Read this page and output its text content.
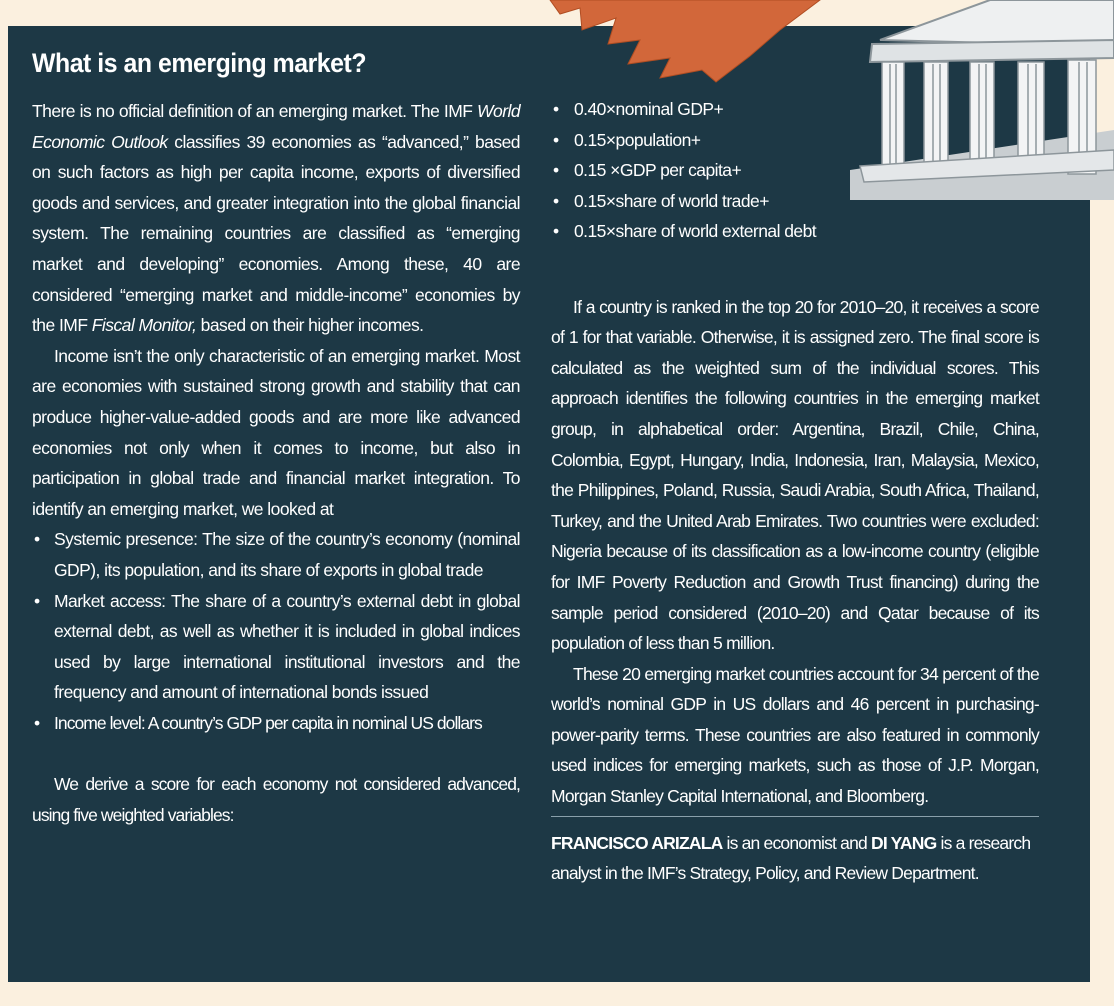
What is an emerging market?

There is no official definition of an emerging market. The IMF World Economic Outlook classifies 39 economies as “advanced,” based on such factors as high per capita income, exports of diversified goods and services, and greater integration into the global financial system. The remaining countries are classified as “emerging market and developing” economies. Among these, 40 are considered “emerging market and middle-income” economies by the IMF Fiscal Monitor, based on their higher incomes.

Income isn’t the only characteristic of an emerging market. Most are economies with sustained strong growth and stability that can produce higher-value-added goods and are more like advanced economies not only when it comes to income, but also in participation in global trade and financial market integration. To identify an emerging market, we looked at

• Systemic presence: The size of the country’s economy (nominal GDP), its population, and its share of exports in global trade
• Market access: The share of a country’s external debt in global external debt, as well as whether it is included in global indices used by large international institutional investors and the frequency and amount of international bonds issued
• Income level: A country’s GDP per capita in nominal US dollars

We derive a score for each economy not considered advanced, using five weighted variables:

• 0.40×nominal GDP+
• 0.15×population+
• 0.15 ×GDP per capita+
• 0.15×share of world trade+
• 0.15×share of world external debt

If a country is ranked in the top 20 for 2010–20, it receives a score of 1 for that variable. Otherwise, it is assigned zero. The final score is calculated as the weighted sum of the individual scores. This approach identifies the following countries in the emerging market group, in alphabetical order: Argentina, Brazil, Chile, China, Colombia, Egypt, Hungary, India, Indonesia, Iran, Malaysia, Mexico, the Philippines, Poland, Russia, Saudi Arabia, South Africa, Thailand, Turkey, and the United Arab Emirates. Two countries were excluded: Nigeria because of its classification as a low-income country (eligible for IMF Poverty Reduction and Growth Trust financing) during the sample period considered (2010–20) and Qatar because of its population of less than 5 million.

These 20 emerging market countries account for 34 percent of the world’s nominal GDP in US dollars and 46 percent in purchasing-power-parity terms. These countries are also featured in commonly used indices for emerging markets, such as those of J.P. Morgan, Morgan Stanley Capital International, and Bloomberg.

FRANCISCO ARIZALA is an economist and DI YANG is a research analyst in the IMF’s Strategy, Policy, and Review Department.
